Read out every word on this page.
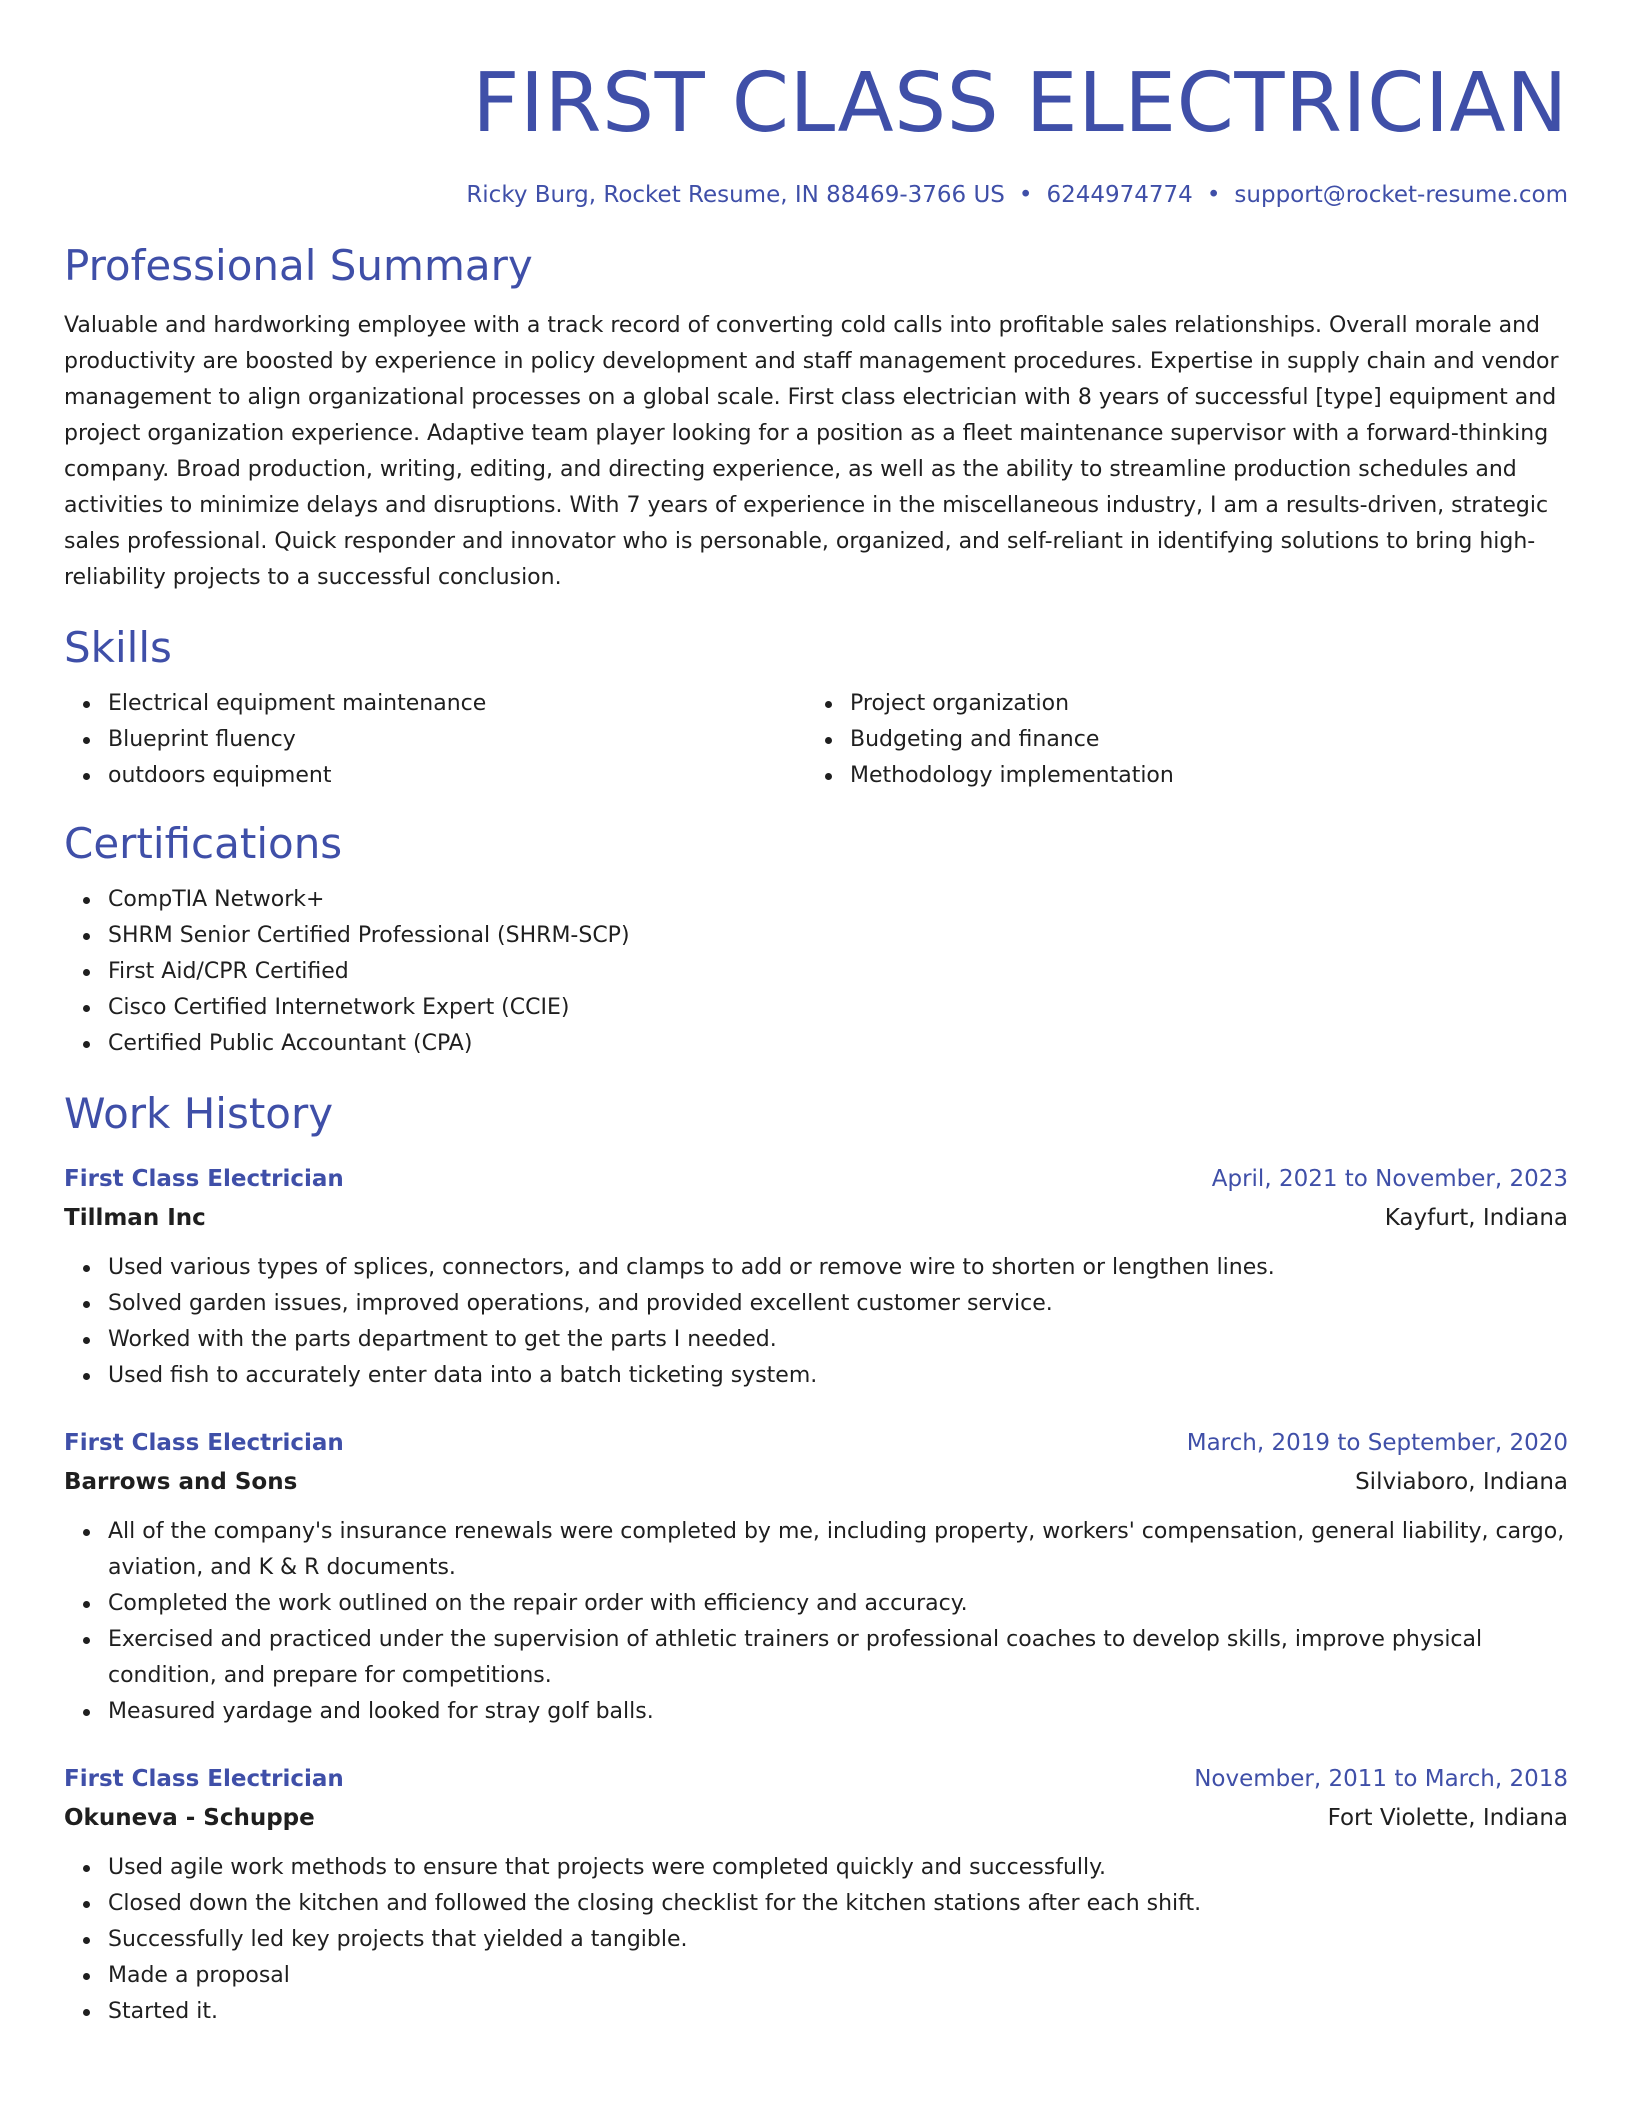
FIRST CLASS ELECTRICIAN
Ricky Burg, Rocket Resume, IN 88469-3766 US • 6244974774 • support@rocket-resume.com
Professional Summary

Valuable and hardworking employee with a track record of converting cold calls into profitable sales relationships. Overall morale and productivity are boosted by experience in policy development and staff management procedures. Expertise in supply chain and vendor management to align organizational processes on a global scale. First class electrician with 8 years of successful [type] equipment and project organization experience. Adaptive team player looking for a position as a fleet maintenance supervisor with a forward-thinking company. Broad production, writing, editing, and directing experience, as well as the ability to streamline production schedules and activities to minimize delays and disruptions. With 7 years of experience in the miscellaneous industry, I am a results-driven, strategic sales professional. Quick responder and innovator who is personable, organized, and self-reliant in identifying solutions to bring high-reliability projects to a successful conclusion.

Skills
Electrical equipment maintenance
Blueprint fluency
outdoors equipment
Project organization
Budgeting and finance
Methodology implementation
Certifications
CompTIA Network+
SHRM Senior Certified Professional (SHRM-SCP)
First Aid/CPR Certified
Cisco Certified Internetwork Expert (CCIE)
Certified Public Accountant (CPA)
Work History
First Class Electrician	April, 2021 to November, 2023
Tillman Inc	Kayfurt, Indiana
Used various types of splices, connectors, and clamps to add or remove wire to shorten or lengthen lines.
Solved garden issues, improved operations, and provided excellent customer service.
Worked with the parts department to get the parts I needed.
Used fish to accurately enter data into a batch ticketing system.
First Class Electrician	March, 2019 to September, 2020
Barrows and Sons	Silviaboro, Indiana
All of the company's insurance renewals were completed by me, including property, workers' compensation, general liability, cargo, aviation, and K & R documents.
Completed the work outlined on the repair order with efficiency and accuracy.
Exercised and practiced under the supervision of athletic trainers or professional coaches to develop skills, improve physical condition, and prepare for competitions.
Measured yardage and looked for stray golf balls.
First Class Electrician	November, 2011 to March, 2018
Okuneva - Schuppe	Fort Violette, Indiana
Used agile work methods to ensure that projects were completed quickly and successfully.
Closed down the kitchen and followed the closing checklist for the kitchen stations after each shift.
Successfully led key projects that yielded a tangible.
Made a proposal
Started it.
